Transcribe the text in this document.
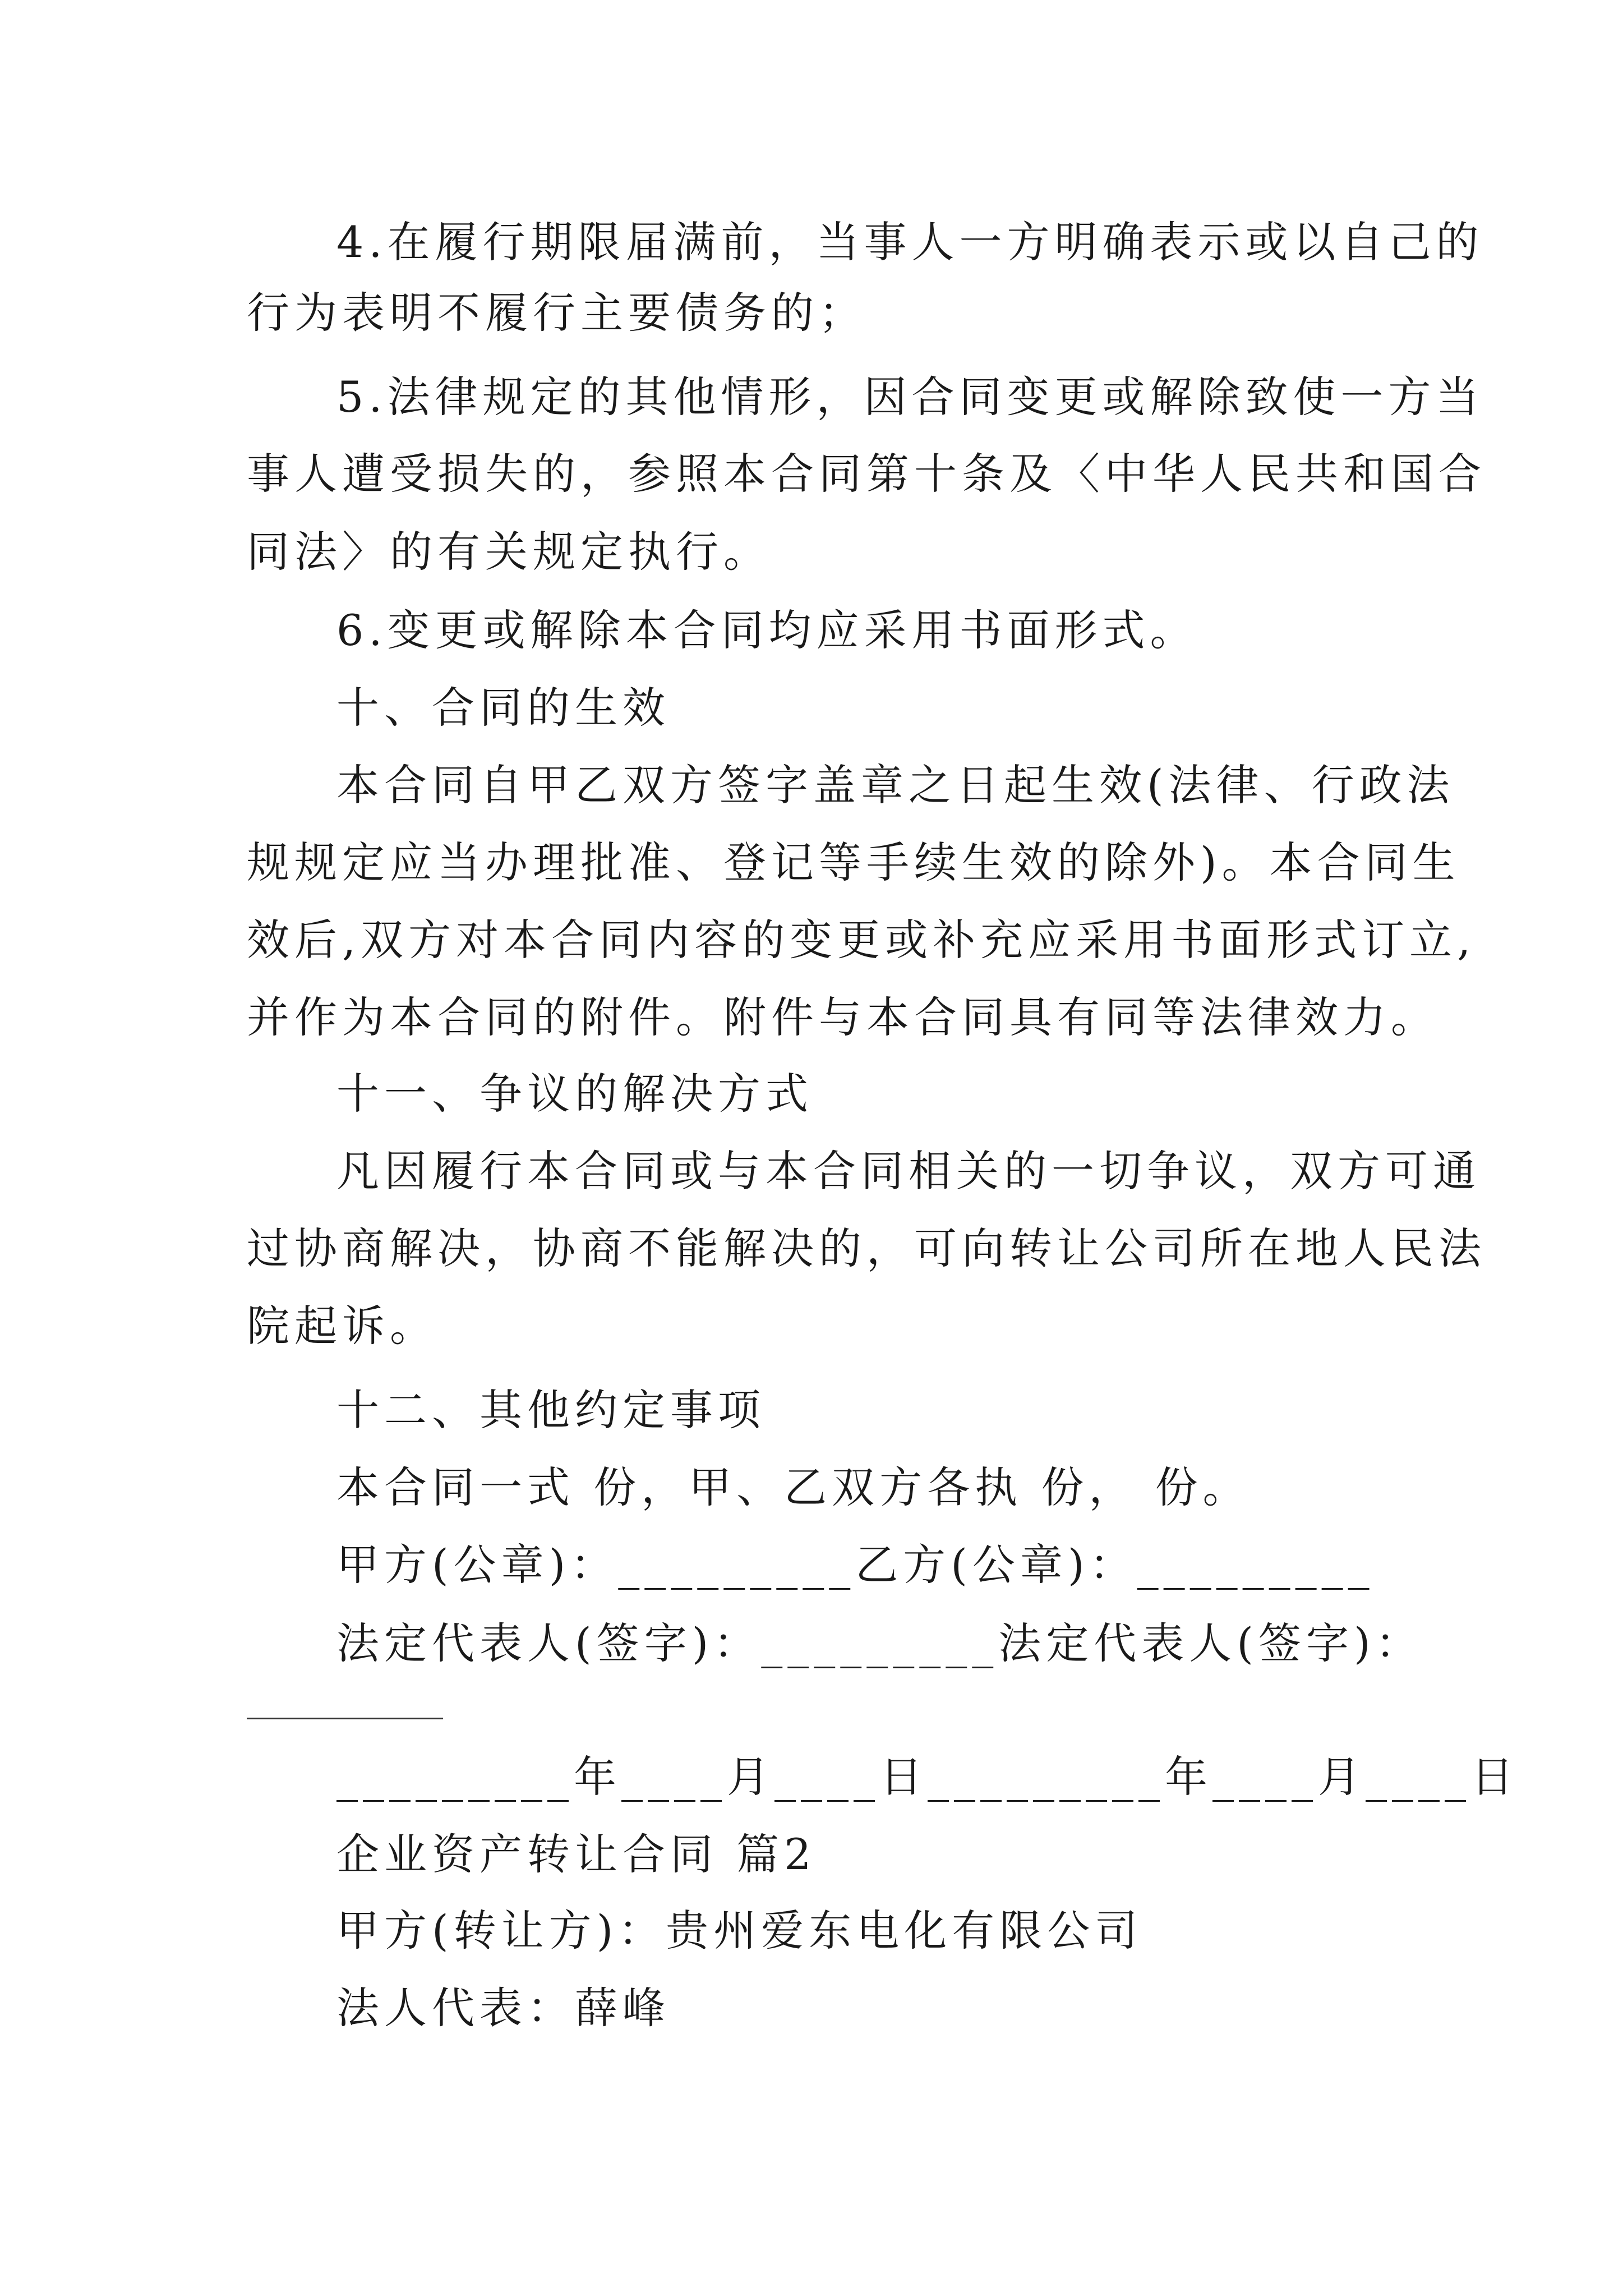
4.在履行期限届满前，当事人一方明确表示或以自己的
行为表明不履行主要债务的；
5.法律规定的其他情形，因合同变更或解除致使一方当
事人遭受损失的，参照本合同第十条及〈中华人民共和国合
同法〉的有关规定执行。
6.变更或解除本合同均应采用书面形式。
十、合同的生效
本合同自甲乙双方签字盖章之日起生效(法律、行政法
规规定应当办理批准、登记等手续生效的除外)。本合同生
效后,双方对本合同内容的变更或补充应采用书面形式订立,
并作为本合同的附件。附件与本合同具有同等法律效力。
十一、争议的解决方式
凡因履行本合同或与本合同相关的一切争议，双方可通
过协商解决，协商不能解决的，可向转让公司所在地人民法
院起诉。
十二、其他约定事项
本合同一式 份，甲、乙双方各执 份， 份。
甲方(公章)：_________乙方(公章)：_________
法定代表人(签字)：_________法定代表人(签字)：
_________年____月____日_________年____月____日
企业资产转让合同 篇2
甲方(转让方)：贵州爱东电化有限公司
法人代表：薛峰
